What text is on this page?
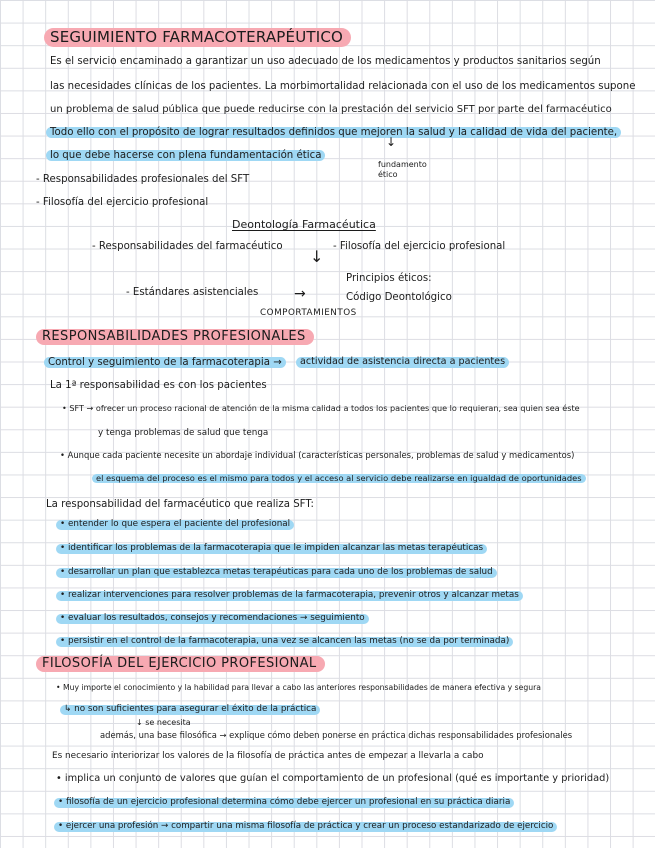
SEGUIMIENTO FARMACOTERAPÉUTICO
Es el servicio encaminado a garantizar un uso adecuado de los medicamentos y productos sanitarios según
las necesidades clínicas de los pacientes. La morbimortalidad relacionada con el uso de los medicamentos supone
un problema de salud pública que puede reducirse con la prestación del servicio SFT por parte del farmacéutico
Todo ello con el propósito de lograr resultados definidos que mejoren la salud y la calidad de vida del paciente,
lo que debe hacerse con plena fundamentación ética
↓
fundamento ético
- Responsabilidades profesionales del SFT
- Filosofía del ejercicio profesional
Deontología Farmacéutica
- Responsabilidades del farmacéutico
↓
- Filosofía del ejercicio profesional
- Estándares asistenciales	→
Principios éticos:
Código Deontológico
COMPORTAMIENTOS
RESPONSABILIDADES PROFESIONALES
Control y seguimiento de la farmacoterapia →	actividad de asistencia directa a pacientes
La 1ª responsabilidad es con los pacientes
• SFT → ofrecer un proceso racional de atención de la misma calidad a todos los pacientes que lo requieran, sea quien sea éste
y tenga problemas de salud que tenga
• Aunque cada paciente necesite un abordaje individual (características personales, problemas de salud y medicamentos)
el esquema del proceso es el mismo para todos y el acceso al servicio debe realizarse en igualdad de oportunidades
La responsabilidad del farmacéutico que realiza SFT:
• entender lo que espera el paciente del profesional
• identificar los problemas de la farmacoterapia que le impiden alcanzar las metas terapéuticas
• desarrollar un plan que establezca metas terapéuticas para cada uno de los problemas de salud
• realizar intervenciones para resolver problemas de la farmacoterapia, prevenir otros y alcanzar metas
• evaluar los resultados, consejos y recomendaciones → seguimiento
• persistir en el control de la farmacoterapia, una vez se alcancen las metas (no se da por terminada)
FILOSOFÍA DEL EJERCICIO PROFESIONAL
• Muy importe el conocimiento y la habilidad para llevar a cabo las anteriores responsabilidades de manera efectiva y segura
↳ no son suficientes para asegurar el éxito de la práctica
↓ se necesita
además, una base filosófica → explique cómo deben ponerse en práctica dichas responsabilidades profesionales
Es necesario interiorizar los valores de la filosofía de práctica antes de empezar a llevarla a cabo
• implica un conjunto de valores que guían el comportamiento de un profesional (qué es importante y prioridad)
• filosofía de un ejercicio profesional determina cómo debe ejercer un profesional en su práctica diaria
• ejercer una profesión → compartir una misma filosofía de práctica y crear un proceso estandarizado de ejercicio
